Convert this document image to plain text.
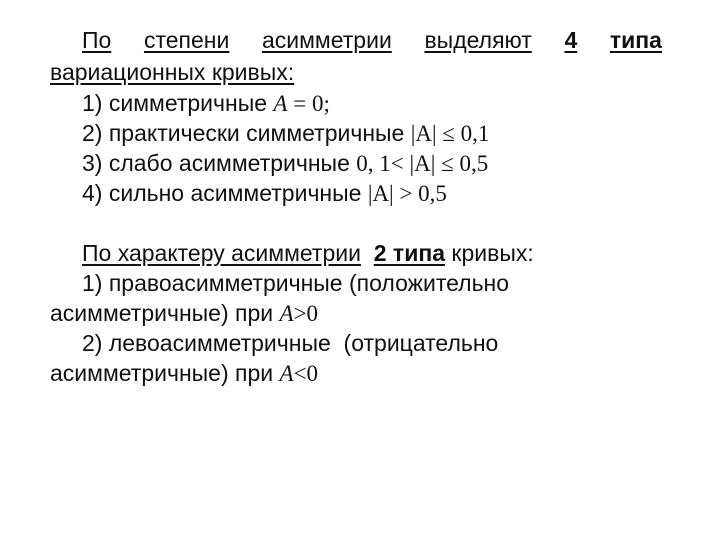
По степени асимметрии выделяют 4 типа
вариационных кривых:
1) симметричные A = 0;
2) практически симметричные |A| ≤ 0,1
3) слабо асимметричные 0, 1< |A| ≤ 0,5
4) сильно асимметричные |A| > 0,5
По характеру асимметрии 2 типа кривых:
1) правоасимметричные (положительно
асимметричные) при A>0
2) левоасимметричные  (отрицательно
асимметричные) при A<0
